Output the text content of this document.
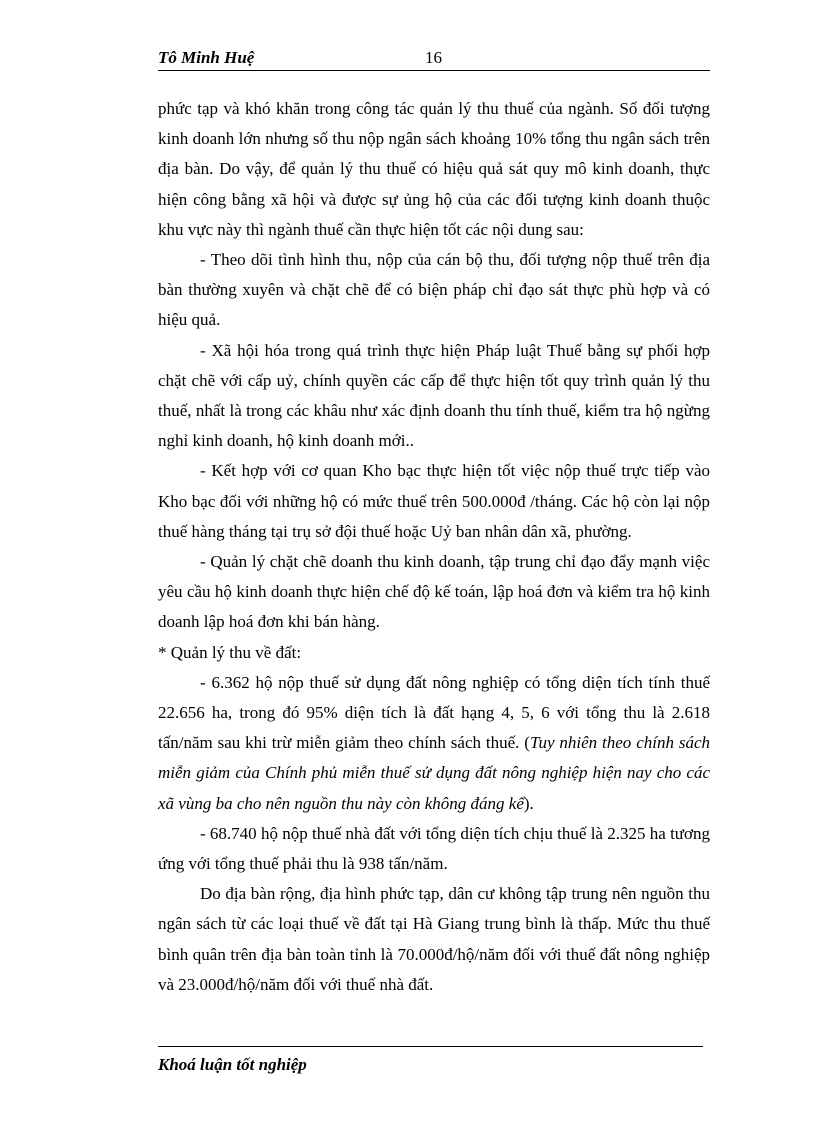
Tô Minh Huệ	16

phức tạp và khó khăn trong công tác quản lý thu thuế của ngành. Số đối tượng kinh doanh lớn nhưng số thu nộp ngân sách khoảng 10% tổng thu ngân sách trên địa bàn. Do vậy, để quản lý thu thuế có hiệu quả sát quy mô kinh doanh, thực hiện công bằng xã hội và được sự ủng hộ của các đối tượng kinh doanh thuộc khu vực này thì ngành thuế cần thực hiện tốt các nội dung sau:

- Theo dõi tình hình thu, nộp của cán bộ thu, đối tượng nộp thuế trên địa bàn thường xuyên và chặt chẽ để có biện pháp chỉ đạo sát thực phù hợp và có hiệu quả.

- Xã hội hóa trong quá trình thực hiện Pháp luật Thuế bằng sự phối hợp chặt chẽ với cấp uỷ, chính quyền các cấp để thực hiện tốt quy trình quản lý thu thuế, nhất là trong các khâu như xác định doanh thu tính thuế, kiểm tra hộ ngừng nghỉ kinh doanh, hộ kinh doanh mới..

- Kết hợp với cơ quan Kho bạc thực hiện tốt việc nộp thuế trực tiếp vào Kho bạc đối với những hộ có mức thuế trên 500.000đ /tháng. Các hộ còn lại nộp thuế hàng tháng tại trụ sở đội thuế hoặc Uỷ ban nhân dân xã, phường.

- Quản lý chặt chẽ doanh thu kinh doanh, tập trung chỉ đạo đẩy mạnh việc yêu cầu hộ kinh doanh thực hiện chế độ kế toán, lập hoá đơn và kiểm tra hộ kinh doanh lập hoá đơn khi bán hàng.

* Quản lý thu về đất:

- 6.362 hộ nộp thuế sử dụng đất nông nghiệp có tổng diện tích tính thuế 22.656 ha, trong đó 95% diện tích là đất hạng 4, 5, 6 với tổng thu là 2.618 tấn/năm sau khi trừ miễn giảm theo chính sách thuế. (Tuy nhiên theo chính sách miễn giảm của Chính phủ miễn thuế sử dụng đất nông nghiệp hiện nay cho các xã vùng ba cho nên nguồn thu này còn không đáng kể).

- 68.740 hộ nộp thuế nhà đất với tổng diện tích chịu thuế là 2.325 ha tương ứng với tổng thuế phải thu là 938 tấn/năm.

Do địa bàn rộng, địa hình phức tạp, dân cư không tập trung nên nguồn thu ngân sách từ các loại thuế về đất tại Hà Giang trung bình là thấp. Mức thu thuế bình quân trên địa bàn toàn tỉnh là 70.000đ/hộ/năm đối với thuế đất nông nghiệp và 23.000đ/hộ/năm đối với thuế nhà đất.

Khoá luận tốt nghiệp
